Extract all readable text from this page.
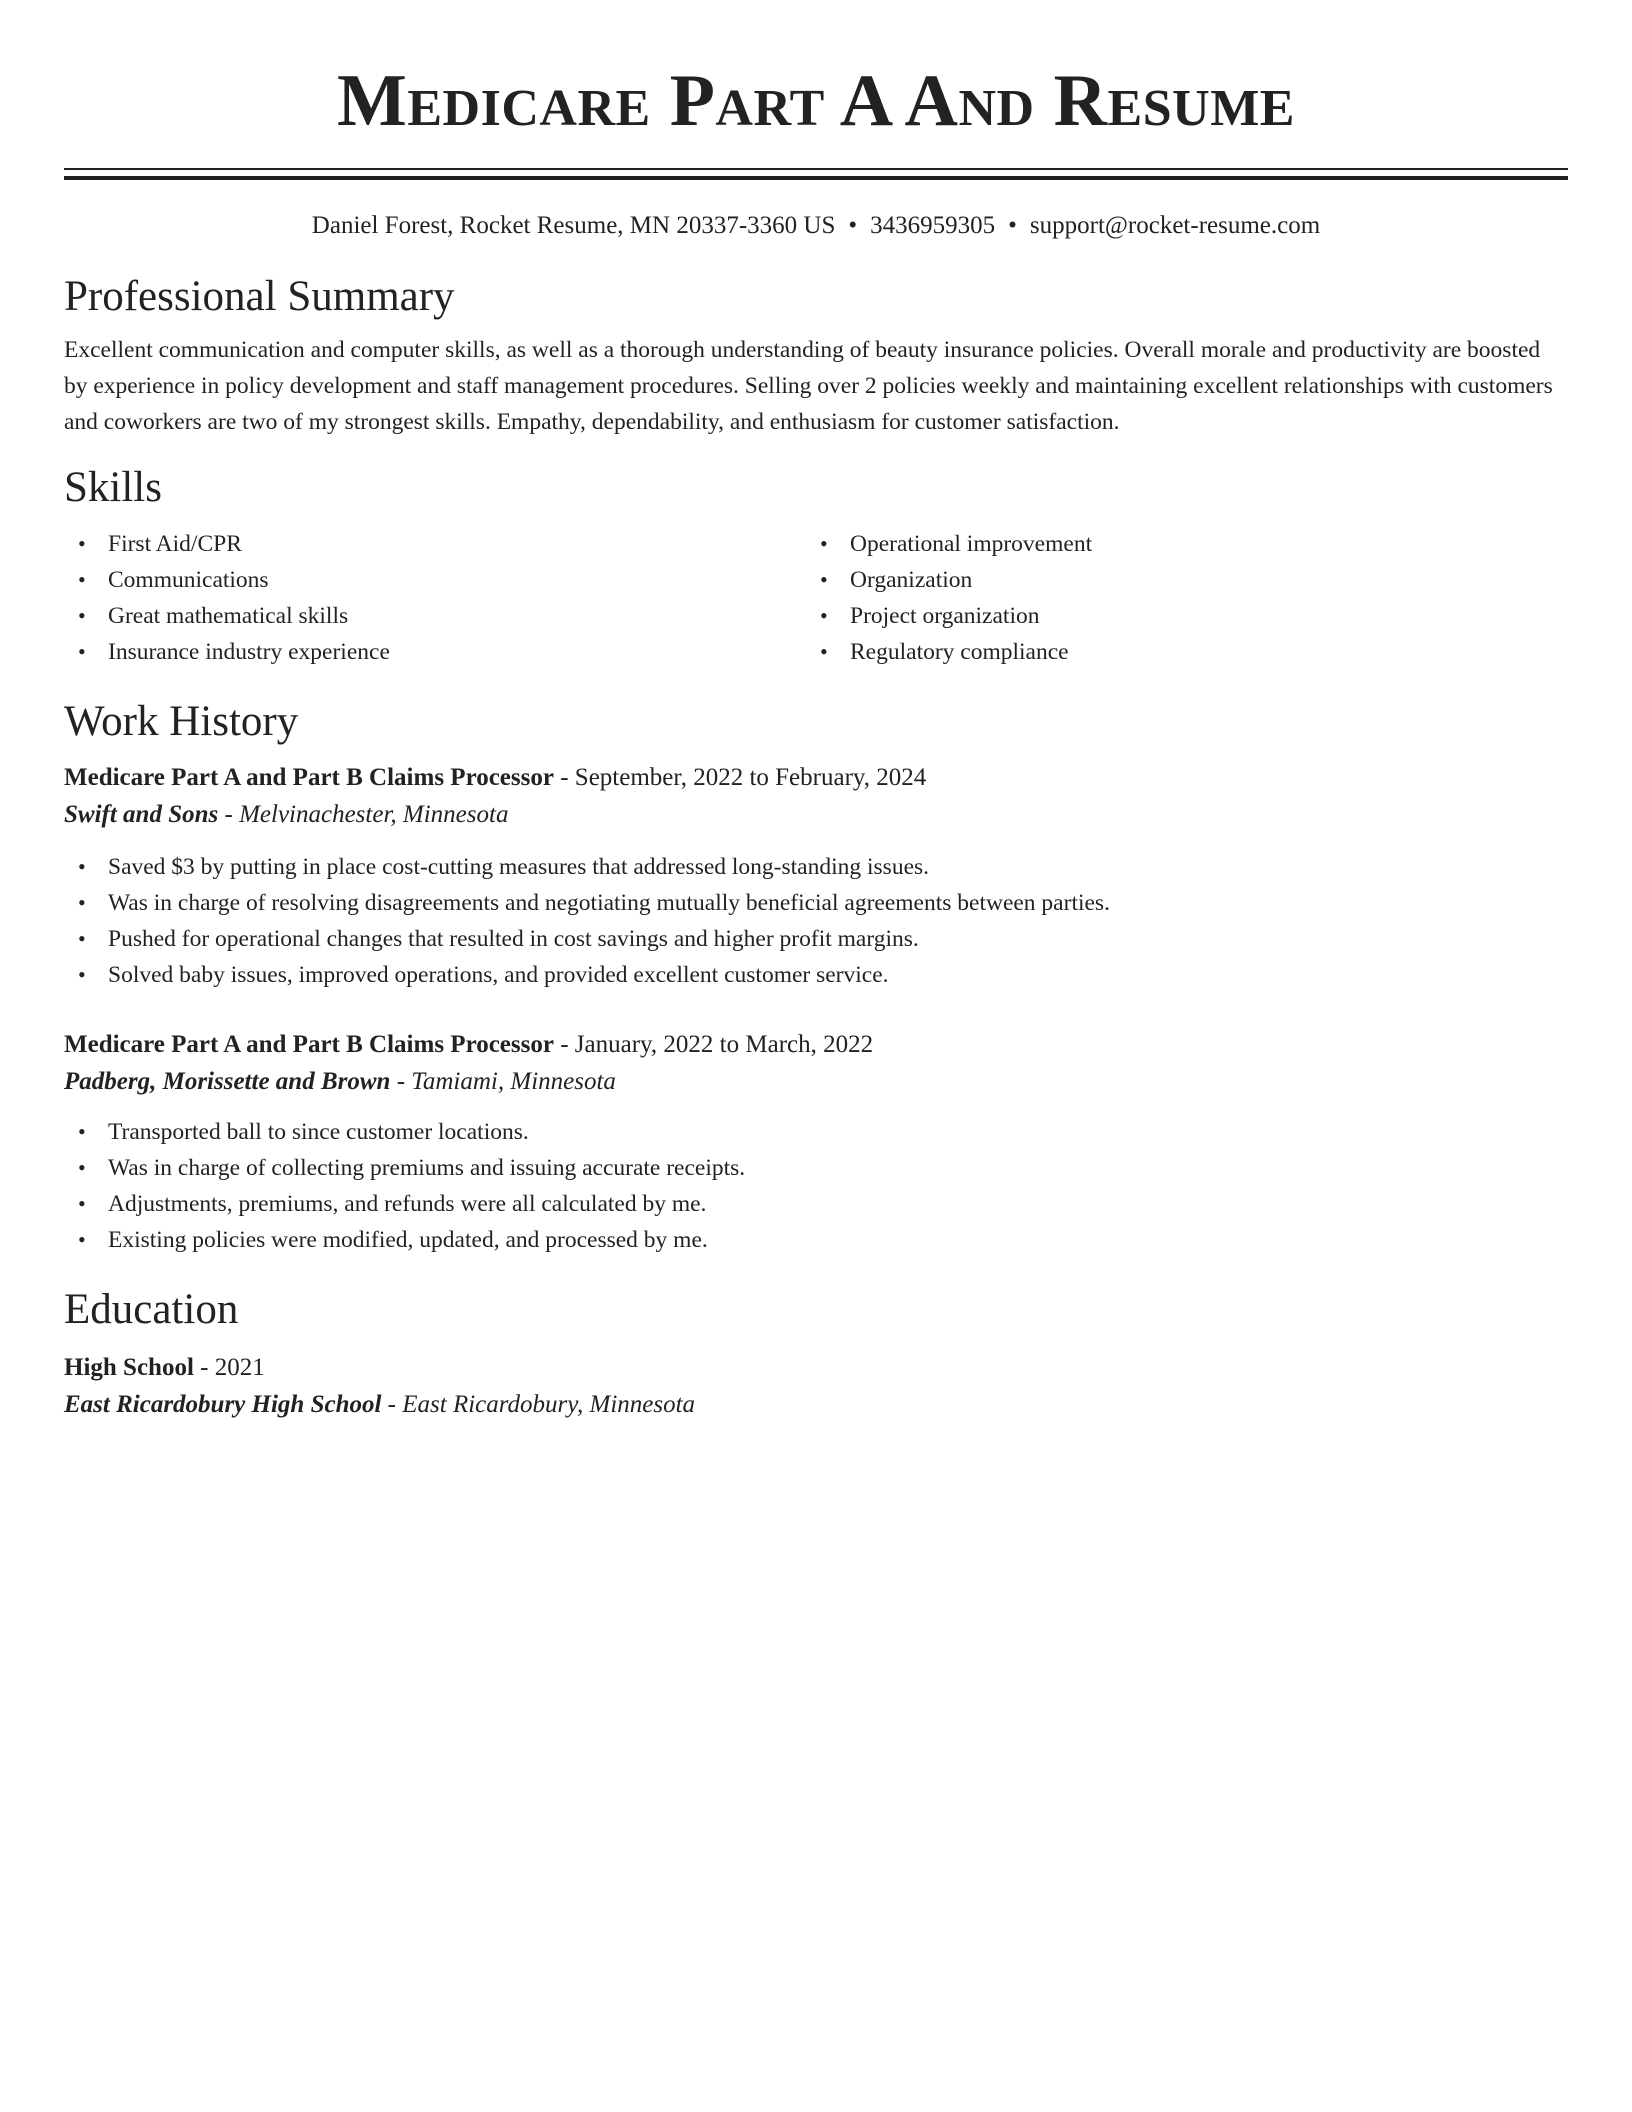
Medicare Part A And Resume
Daniel Forest, Rocket Resume, MN 20337-3360 US • 3436959305 • support@rocket-resume.com
Professional Summary

Excellent communication and computer skills, as well as a thorough understanding of beauty insurance policies. Overall morale and productivity are boosted by experience in policy development and staff management procedures. Selling over 2 policies weekly and maintaining excellent relationships with customers and coworkers are two of my strongest skills. Empathy, dependability, and enthusiasm for customer satisfaction.

Skills
• First Aid/CPR
• Communications
• Great mathematical skills
• Insurance industry experience
• Operational improvement
• Organization
• Project organization
• Regulatory compliance
Work History
Medicare Part A and Part B Claims Processor - September, 2022 to February, 2024
Swift and Sons - Melvinachester, Minnesota
• Saved $3 by putting in place cost-cutting measures that addressed long-standing issues.
• Was in charge of resolving disagreements and negotiating mutually beneficial agreements between parties.
• Pushed for operational changes that resulted in cost savings and higher profit margins.
• Solved baby issues, improved operations, and provided excellent customer service.
Medicare Part A and Part B Claims Processor - January, 2022 to March, 2022
Padberg, Morissette and Brown - Tamiami, Minnesota
• Transported ball to since customer locations.
• Was in charge of collecting premiums and issuing accurate receipts.
• Adjustments, premiums, and refunds were all calculated by me.
• Existing policies were modified, updated, and processed by me.
Education
High School - 2021
East Ricardobury High School - East Ricardobury, Minnesota
